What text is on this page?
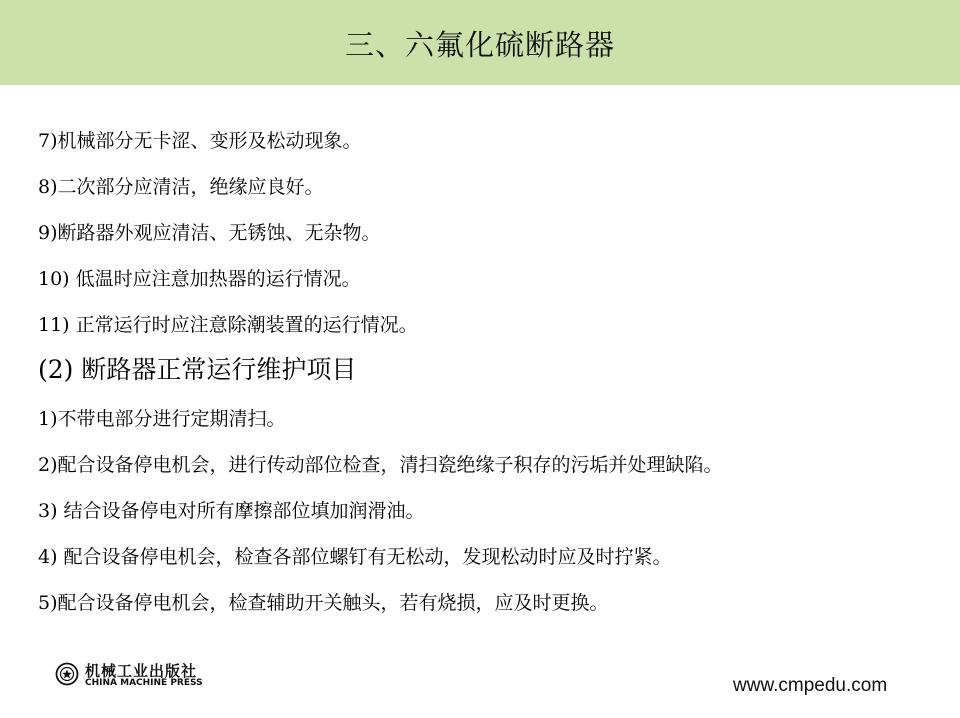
三、六氟化硫断路器
7)机械部分无卡涩、变形及松动现象。
8)二次部分应清洁，绝缘应良好。
9)断路器外观应清洁、无锈蚀、无杂物。
10) 低温时应注意加热器的运行情况。
11) 正常运行时应注意除潮装置的运行情况。
(2) 断路器正常运行维护项目
1)不带电部分进行定期清扫。
2)配合设备停电机会，进行传动部位检查，清扫瓷绝缘子积存的污垢并处理缺陷。
3) 结合设备停电对所有摩擦部位填加润滑油。
4) 配合设备停电机会，检查各部位螺钉有无松动，发现松动时应及时拧紧。
5)配合设备停电机会，检查辅助开关触头，若有烧损，应及时更换。
机械工业出版社
CHINA MACHINE PRESS	www.cmpedu.com
